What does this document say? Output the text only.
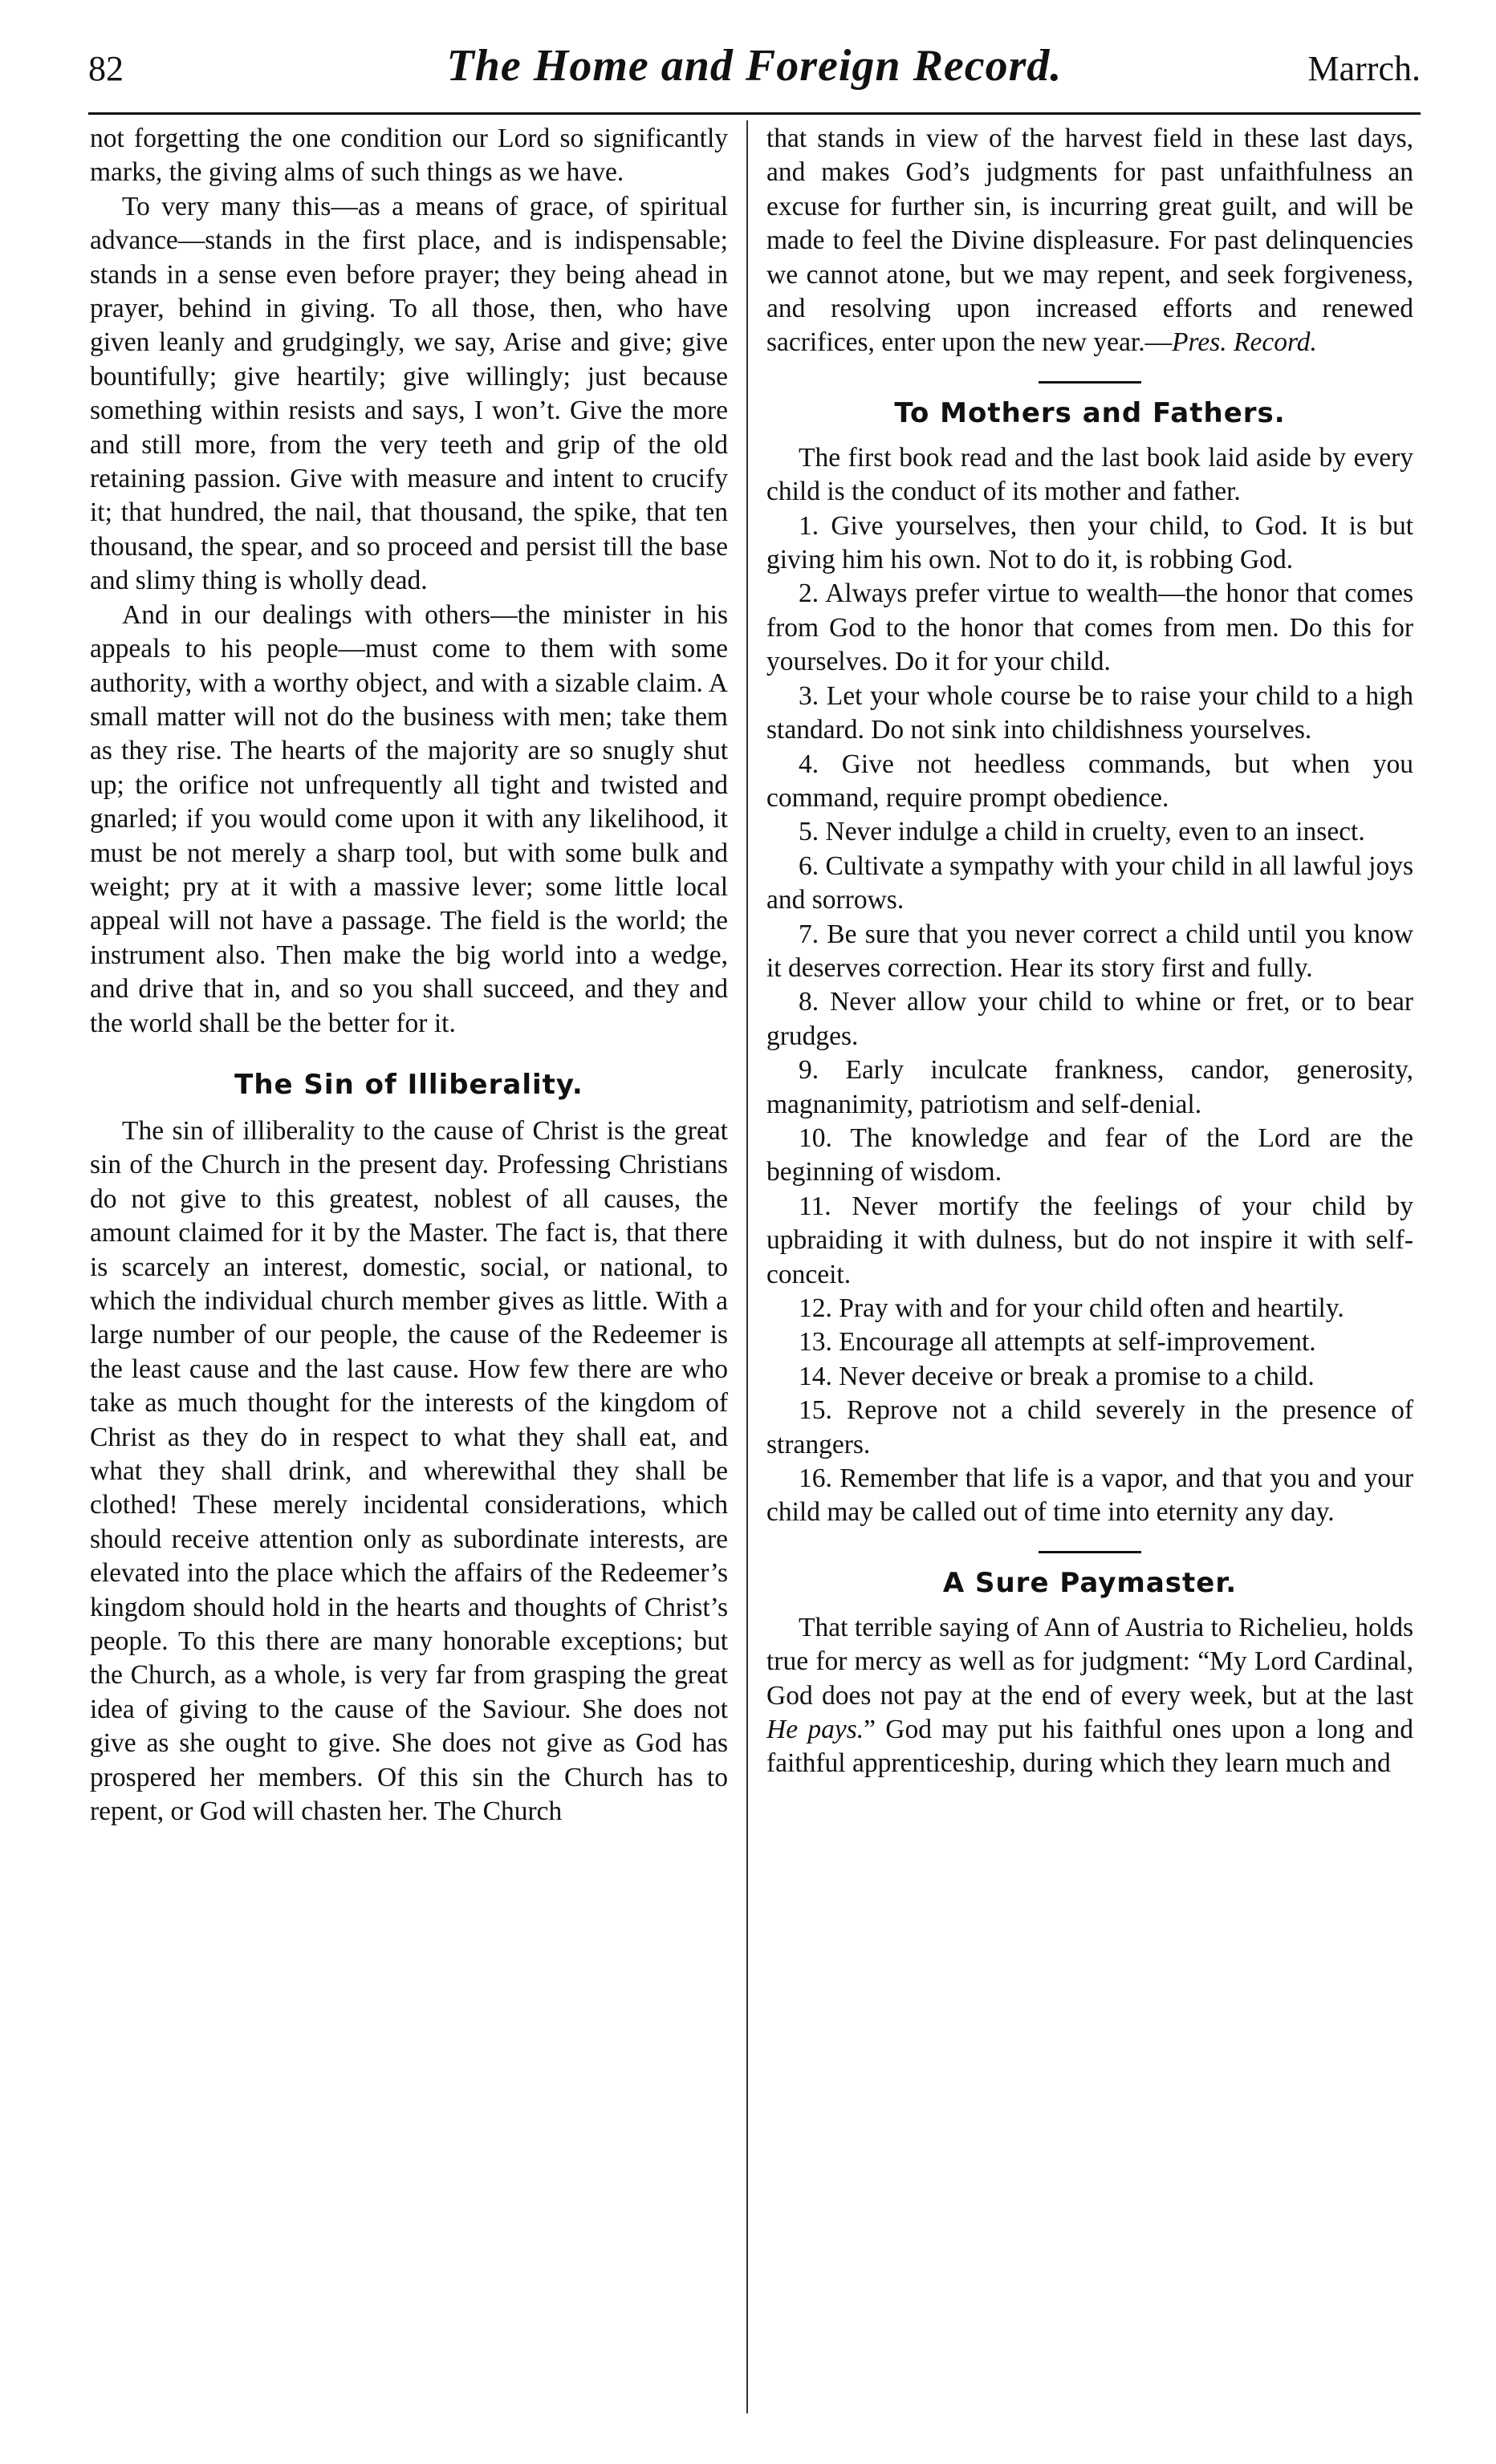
82	The Home and Foreign Record.	Marrch.

not forgetting the one condition our Lord so significantly marks, the giving alms of such things as we have.

To very many this—as a means of grace, of spiritual advance—stands in the first place, and is indispensable; stands in a sense even before prayer; they being ahead in prayer, behind in giving. To all those, then, who have given leanly and grudgingly, we say, Arise and give; give bountifully; give heartily; give willingly; just because something within resists and says, I won’t. Give the more and still more, from the very teeth and grip of the old retaining passion. Give with measure and intent to crucify it; that hundred, the nail, that thousand, the spike, that ten thousand, the spear, and so proceed and persist till the base and slimy thing is wholly dead.

And in our dealings with others—the minister in his appeals to his people—must come to them with some authority, with a worthy object, and with a sizable claim. A small matter will not do the business with men; take them as they rise. The hearts of the majority are so snugly shut up; the orifice not unfrequently all tight and twisted and gnarled; if you would come upon it with any likelihood, it must be not merely a sharp tool, but with some bulk and weight; pry at it with a massive lever; some little local appeal will not have a passage. The field is the world; the instrument also. Then make the big world into a wedge, and drive that in, and so you shall succeed, and they and the world shall be the better for it.

The Sin of Illiberality.

The sin of illiberality to the cause of Christ is the great sin of the Church in the present day. Professing Christians do not give to this greatest, noblest of all causes, the amount claimed for it by the Master. The fact is, that there is scarcely an interest, domestic, social, or national, to which the individual church member gives as little. With a large number of our people, the cause of the Redeemer is the least cause and the last cause. How few there are who take as much thought for the interests of the kingdom of Christ as they do in respect to what they shall eat, and what they shall drink, and wherewithal they shall be clothed! These merely incidental considerations, which should receive attention only as subordinate interests, are elevated into the place which the affairs of the Redeemer’s kingdom should hold in the hearts and thoughts of Christ’s people. To this there are many honorable exceptions; but the Church, as a whole, is very far from grasping the great idea of giving to the cause of the Saviour. She does not give as she ought to give. She does not give as God has prospered her members. Of this sin the Church has to repent, or God will chasten her. The Church

that stands in view of the harvest field in these last days, and makes God’s judgments for past unfaithfulness an excuse for further sin, is incurring great guilt, and will be made to feel the Divine displeasure. For past delinquencies we cannot atone, but we may repent, and seek forgiveness, and resolving upon increased efforts and renewed sacrifices, enter upon the new year.—Pres. Record.

To Mothers and Fathers.

The first book read and the last book laid aside by every child is the conduct of its mother and father.

1. Give yourselves, then your child, to God. It is but giving him his own. Not to do it, is robbing God.

2. Always prefer virtue to wealth—the honor that comes from God to the honor that comes from men. Do this for yourselves. Do it for your child.

3. Let your whole course be to raise your child to a high standard. Do not sink into childishness yourselves.

4. Give not heedless commands, but when you command, require prompt obedience.

5. Never indulge a child in cruelty, even to an insect.

6. Cultivate a sympathy with your child in all lawful joys and sorrows.

7. Be sure that you never correct a child until you know it deserves correction. Hear its story first and fully.

8. Never allow your child to whine or fret, or to bear grudges.

9. Early inculcate frankness, candor, generosity, magnanimity, patriotism and self-denial.

10. The knowledge and fear of the Lord are the beginning of wisdom.

11. Never mortify the feelings of your child by upbraiding it with dulness, but do not inspire it with self-conceit.

12. Pray with and for your child often and heartily.

13. Encourage all attempts at self-improvement.

14. Never deceive or break a promise to a child.

15. Reprove not a child severely in the presence of strangers.

16. Remember that life is a vapor, and that you and your child may be called out of time into eternity any day.

A Sure Paymaster.

That terrible saying of Ann of Austria to Richelieu, holds true for mercy as well as for judgment: “My Lord Cardinal, God does not pay at the end of every week, but at the last He pays.” God may put his faithful ones upon a long and faithful apprenticeship, during which they learn much and
